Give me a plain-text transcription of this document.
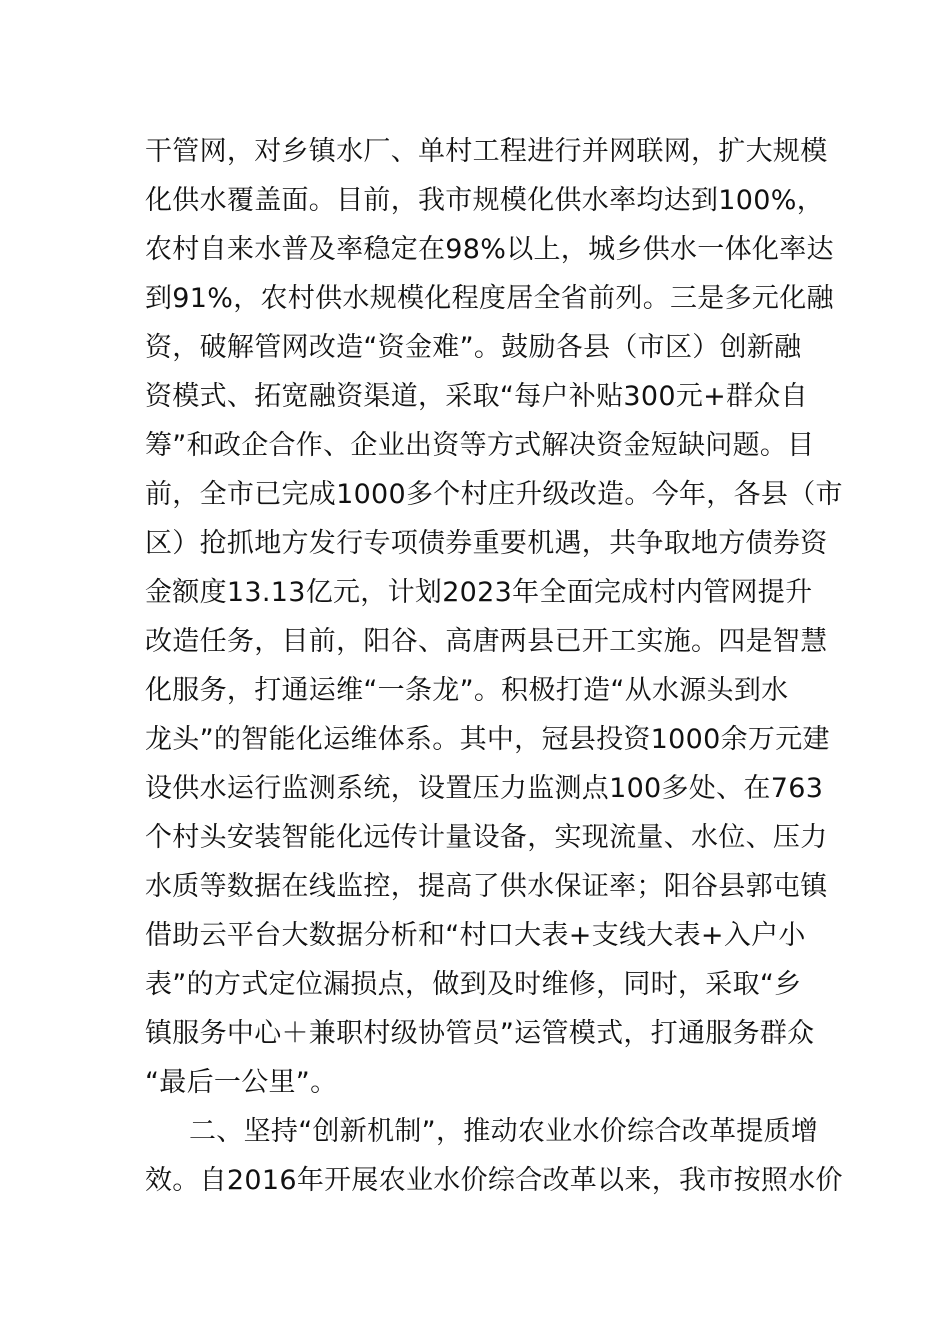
干管网，对乡镇水厂、单村工程进行并网联网，扩大规模
化供水覆盖面。目前，我市规模化供水率均达到100%，
农村自来水普及率稳定在98%以上，城乡供水一体化率达
到91%，农村供水规模化程度居全省前列。三是多元化融
资，破解管网改造“资金难”。鼓励各县（市区）创新融
资模式、拓宽融资渠道，采取“每户补贴300元+群众自
筹”和政企合作、企业出资等方式解决资金短缺问题。目
前，全市已完成1000多个村庄升级改造。今年，各县（市
区）抢抓地方发行专项债券重要机遇，共争取地方债券资
金额度13.13亿元，计划2023年全面完成村内管网提升
改造任务，目前，阳谷、高唐两县已开工实施。四是智慧
化服务，打通运维“一条龙”。积极打造“从水源头到水
龙头”的智能化运维体系。其中，冠县投资1000余万元建
设供水运行监测系统，设置压力监测点100多处、在763
个村头安装智能化远传计量设备，实现流量、水位、压力
水质等数据在线监控，提高了供水保证率；阳谷县郭屯镇
借助云平台大数据分析和“村口大表+支线大表+入户小
表”的方式定位漏损点，做到及时维修，同时，采取“乡
镇服务中心＋兼职村级协管员”运管模式，打通服务群众
“最后一公里”。
二、坚持“创新机制”，推动农业水价综合改革提质增
效。自2016年开展农业水价综合改革以来，我市按照水价
